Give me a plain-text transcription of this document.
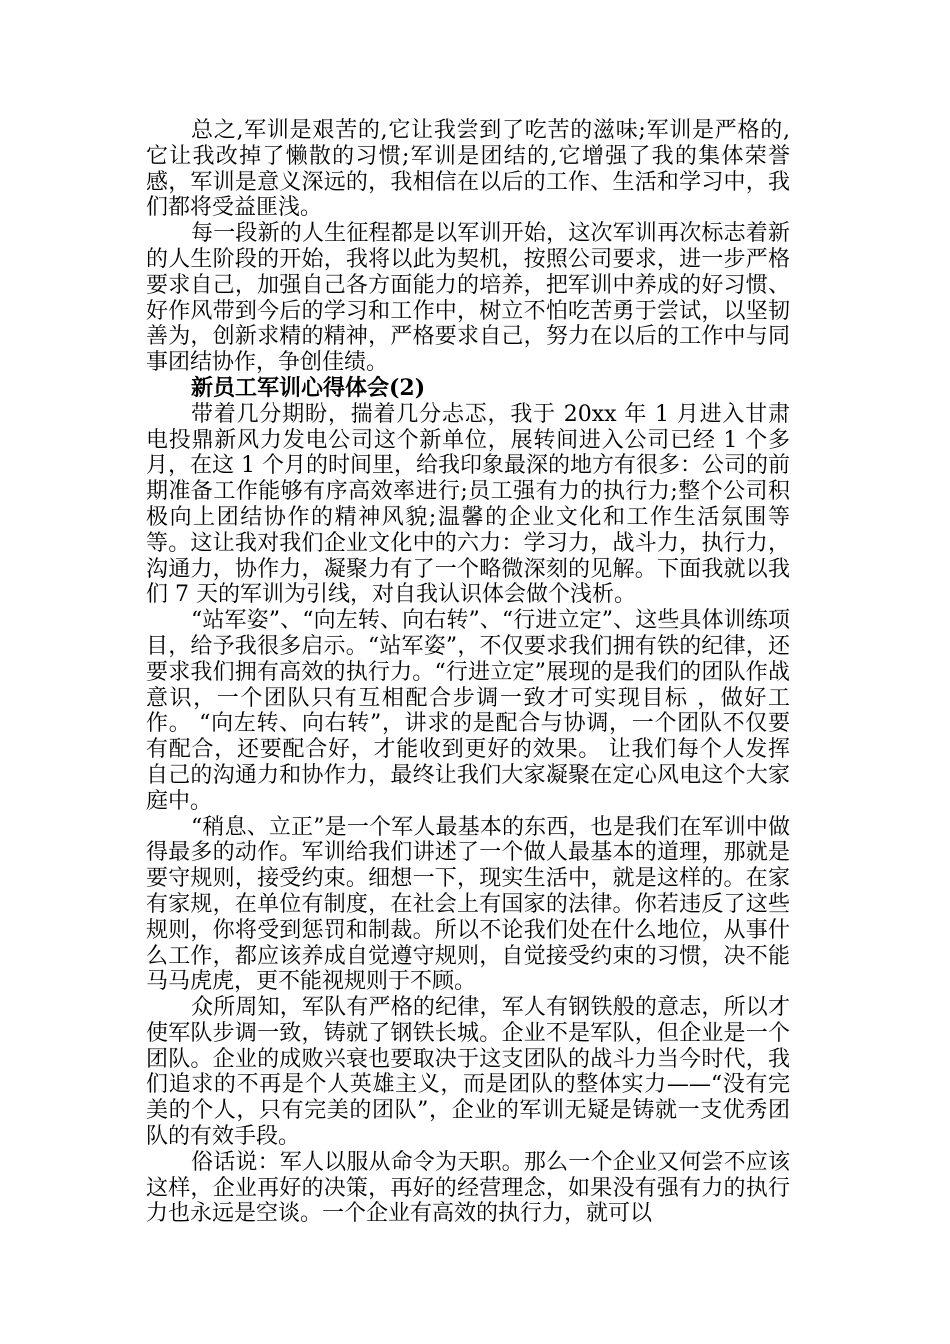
总之,军训是艰苦的,它让我尝到了吃苦的滋味;军训是严格的,它让我改掉了懒散的习惯;军训是团结的,它增强了我的集体荣誉感，军训是意义深远的，我相信在以后的工作、生活和学习中，我们都将受益匪浅。

每一段新的人生征程都是以军训开始，这次军训再次标志着新的人生阶段的开始，我将以此为契机，按照公司要求，进一步严格要求自己，加强自己各方面能力的培养，把军训中养成的好习惯、好作风带到今后的学习和工作中，树立不怕吃苦勇于尝试，以坚韧善为，创新求精的精神，严格要求自己，努力在以后的工作中与同事团结协作，争创佳绩。

新员工军训心得体会(2)

带着几分期盼，揣着几分忐忑，我于 20xx 年 1 月进入甘肃电投鼎新风力发电公司这个新单位，展转间进入公司已经 1 个多月，在这 1 个月的时间里，给我印象最深的地方有很多：公司的前期准备工作能够有序高效率进行;员工强有力的执行力;整个公司积极向上团结协作的精神风貌;温馨的企业文化和工作生活氛围等等。这让我对我们企业文化中的六力：学习力，战斗力，执行力，沟通力，协作力，凝聚力有了一个略微深刻的见解。下面我就以我们 7 天的军训为引线，对自我认识体会做个浅析。

“站军姿”、“向左转、向右转”、“行进立定”、这些具体训练项目，给予我很多启示。“站军姿”，不仅要求我们拥有铁的纪律，还要求我们拥有高效的执行力。“行进立定”展现的是我们的团队作战意识，一个团队只有互相配合步调一致才可实现目标 ，做好工作。 “向左转、向右转”，讲求的是配合与协调，一个团队不仅要有配合，还要配合好，才能收到更好的效果。 让我们每个人发挥自己的沟通力和协作力，最终让我们大家凝聚在定心风电这个大家庭中。

“稍息、立正”是一个军人最基本的东西，也是我们在军训中做得最多的动作。军训给我们讲述了一个做人最基本的道理，那就是要守规则，接受约束。细想一下，现实生活中，就是这样的。在家有家规，在单位有制度，在社会上有国家的法律。你若违反了这些规则，你将受到惩罚和制裁。所以不论我们处在什么地位，从事什么工作，都应该养成自觉遵守规则，自觉接受约束的习惯，决不能马马虎虎，更不能视规则于不顾。

众所周知，军队有严格的纪律，军人有钢铁般的意志，所以才使军队步调一致，铸就了钢铁长城。企业不是军队，但企业是一个团队。企业的成败兴衰也要取决于这支团队的战斗力当今时代，我们追求的不再是个人英雄主义，而是团队的整体实力——“没有完美的个人，只有完美的团队”，企业的军训无疑是铸就一支优秀团队的有效手段。

俗话说：军人以服从命令为天职。那么一个企业又何尝不应该这样，企业再好的决策，再好的经营理念，如果没有强有力的执行力也永远是空谈。一个企业有高效的执行力，就可以
